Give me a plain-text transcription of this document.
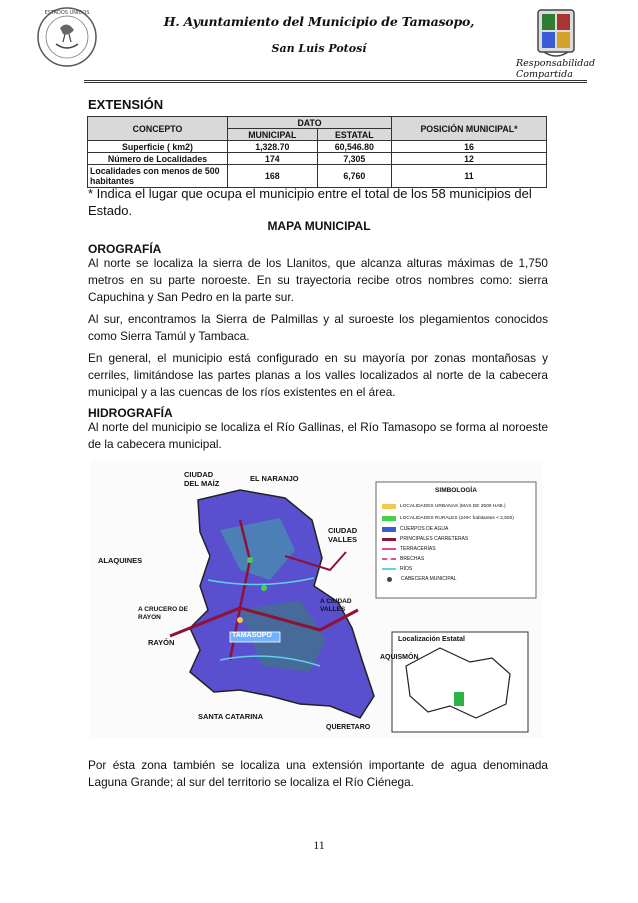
ESTADOS UNIDOS
H. Ayuntamiento del Municipio de Tamasopo,
San Luis Potosí
Responsabilidad Compartida
EXTENSIÓN
CONCEPTO	DATO		POSICIÓN MUNICIPAL*
	MUNICIPAL	ESTATAL	
Superficie ( km2)	1,328.70	60,546.80	16
Número de Localidades	174	7,305	12
Localidades con menos de 500 habitantes	168	6,760	11
* Indica el lugar que ocupa el municipio entre el total de los 58 municipios del Estado.
MAPA MUNICIPAL
OROGRAFÍA
Al norte se localiza la sierra de los Llanitos, que alcanza alturas máximas de 1,750 metros en su parte noroeste. En su trayectoria recibe otros nombres como: sierra Capuchina y San Pedro en la parte sur.
Al sur, encontramos la Sierra de Palmillas y al suroeste los plegamientos conocidos como Sierra Tamúl y Tambaca.
En general, el municipio está configurado en su mayoría por zonas montañosas y cerriles, limitándose las partes planas a los valles localizados al norte de la cabecera municipal y a las cuencas de los ríos existentes en el área.
HIDROGRAFÍA
Al norte del municipio se localiza el Río Gallinas, el Río Tamasopo se forma al noroeste de la cabecera municipal.
CIUDAD DEL MAÍZ
EL NARANJO
CIUDAD VALLES
ALAQUINES
A CRUCERO DE RAYON
RAYÓN
A CIUDAD VALLES
TAMASOPO
AQUISMÓN
SANTA CATARINA
QUERETARO
SIMBOLOGÍA
LOCALIDADES URBANAS (MAS DE 2500 HAB.)
LOCALIDADES RURALES (249< habitantes < 2,500)
CUERPOS DE AGUA
PRINCIPALES CARRETERAS
TERRACERÍAS
BRECHAS
RÍOS
CABECERA MUNICIPAL
Localización Estatal
Por ésta zona también se localiza una extensión importante de agua denominada Laguna Grande; al sur del territorio se localiza el Río Ciénega.
11
